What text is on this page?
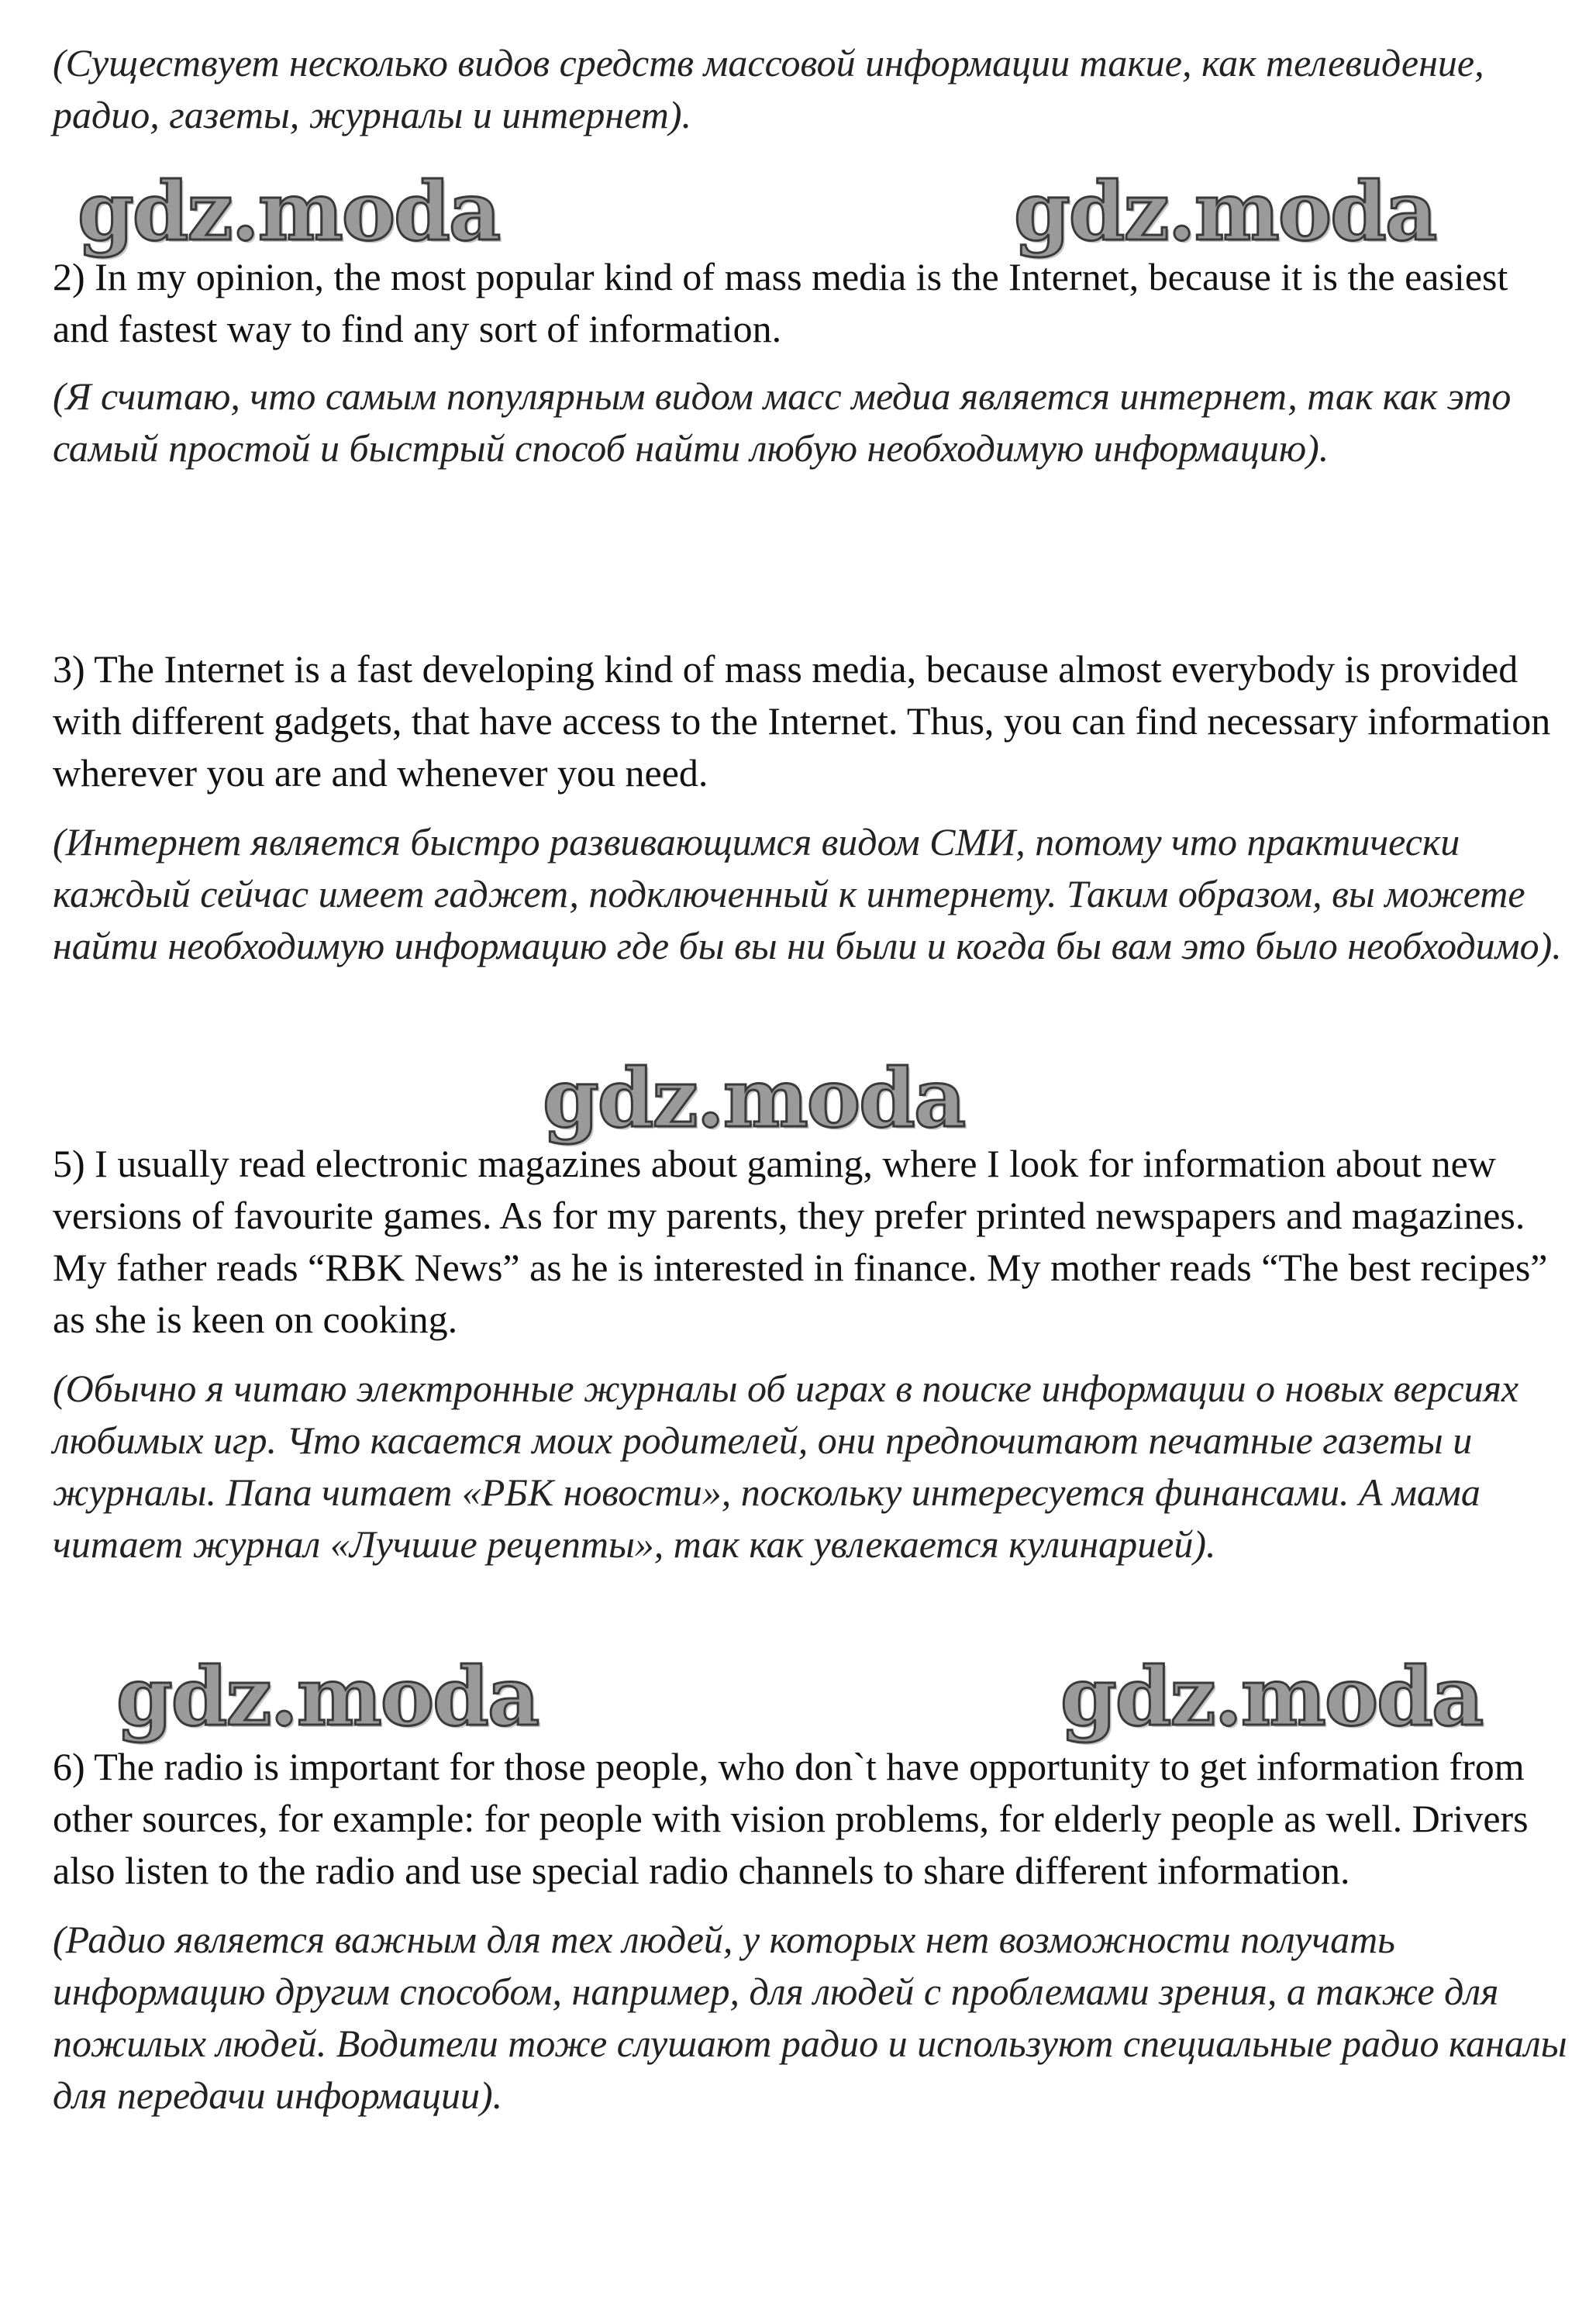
(Существует несколько видов средств массовой информации такие, как телевидение, радио, газеты, журналы и интернет).

gdz.moda	gdz.moda

2) In my opinion, the most popular kind of mass media is the Internet, because it is the easiest and fastest way to find any sort of information.

(Я считаю, что самым популярным видом масс медиа является интернет, так как это самый простой и быстрый способ найти любую необходимую информацию).

3) The Internet is a fast developing kind of mass media, because almost everybody is provided with different gadgets, that have access to the Internet. Thus, you can find necessary information wherever you are and whenever you need.

(Интернет является быстро развивающимся видом СМИ, потому что практически каждый сейчас имеет гаджет, подключенный к интернету. Таким образом, вы можете найти необходимую информацию где бы вы ни были и когда бы вам это было необходимо).

gdz.moda

5) I usually read electronic magazines about gaming, where I look for information about new versions of favourite games. As for my parents, they prefer printed newspapers and magazines. My father reads “RBK News” as he is interested in finance. My mother reads “The best recipes” as she is keen on cooking.

(Обычно я читаю электронные журналы об играх в поиске информации о новых версиях любимых игр. Что касается моих родителей, они предпочитают печатные газеты и журналы. Папа читает «РБК новости», поскольку интересуется финансами. А мама читает журнал «Лучшие рецепты», так как увлекается кулинарией).

gdz.moda	gdz.moda

6) The radio is important for those people, who don`t have opportunity to get information from other sources, for example: for people with vision problems, for elderly people as well. Drivers also listen to the radio and use special radio channels to share different information.

(Радио является важным для тех людей, у которых нет возможности получать информацию другим способом, например, для людей с проблемами зрения, а также для пожилых людей. Водители тоже слушают радио и используют специальные радио каналы для передачи информации).
